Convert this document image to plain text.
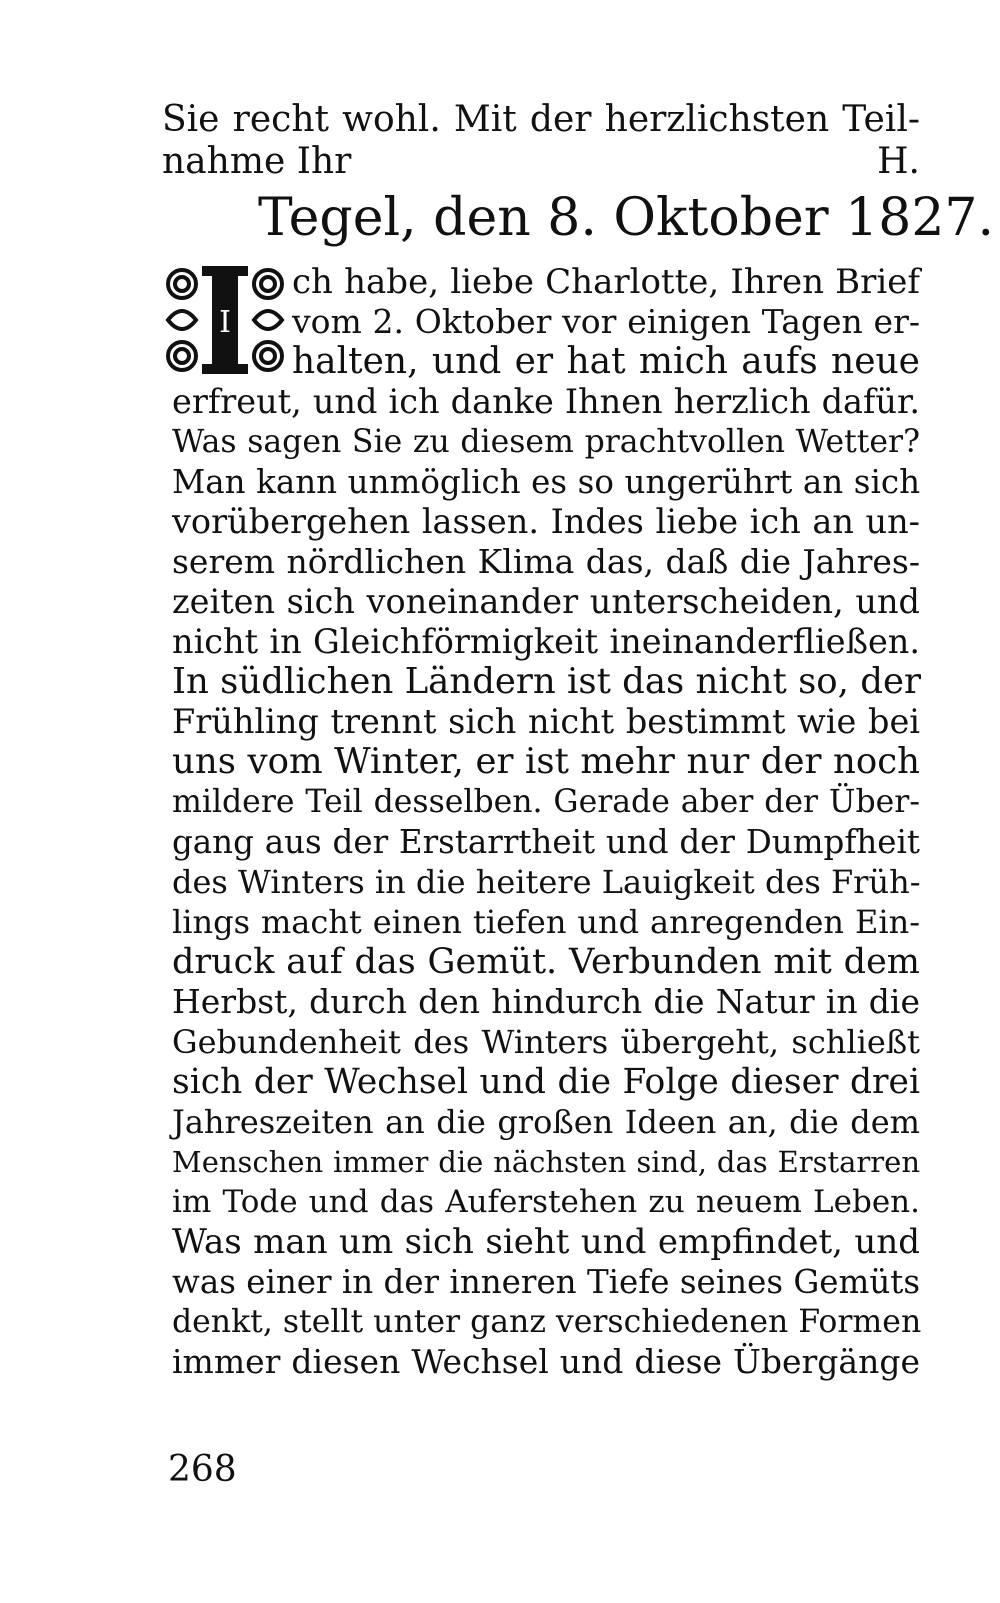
Sie recht wohl. Mit der herzlichsten Teil-
nahme Ihr	H.
Tegel, den 8. Oktober 1827.
I
ch habe, liebe Charlotte, Ihren Brief
vom 2. Oktober vor einigen Tagen er-
halten, und er hat mich aufs neue
erfreut, und ich danke Ihnen herzlich dafür.
Was sagen Sie zu diesem prachtvollen Wetter?
Man kann unmöglich es so ungerührt an sich
vorübergehen lassen. Indes liebe ich an un-
serem nördlichen Klima das, daß die Jahres-
zeiten sich voneinander unterscheiden, und
nicht in Gleichförmigkeit ineinanderfließen.
In südlichen Ländern ist das nicht so, der
Frühling trennt sich nicht bestimmt wie bei
uns vom Winter, er ist mehr nur der noch
mildere Teil desselben. Gerade aber der Über-
gang aus der Erstarrtheit und der Dumpfheit
des Winters in die heitere Lauigkeit des Früh-
lings macht einen tiefen und anregenden Ein-
druck auf das Gemüt. Verbunden mit dem
Herbst, durch den hindurch die Natur in die
Gebundenheit des Winters übergeht, schließt
sich der Wechsel und die Folge dieser drei
Jahreszeiten an die großen Ideen an, die dem
Menschen immer die nächsten sind, das Erstarren
im Tode und das Auferstehen zu neuem Leben.
Was man um sich sieht und empfindet, und
was einer in der inneren Tiefe seines Gemüts
denkt, stellt unter ganz verschiedenen Formen
immer diesen Wechsel und diese Übergänge
268
